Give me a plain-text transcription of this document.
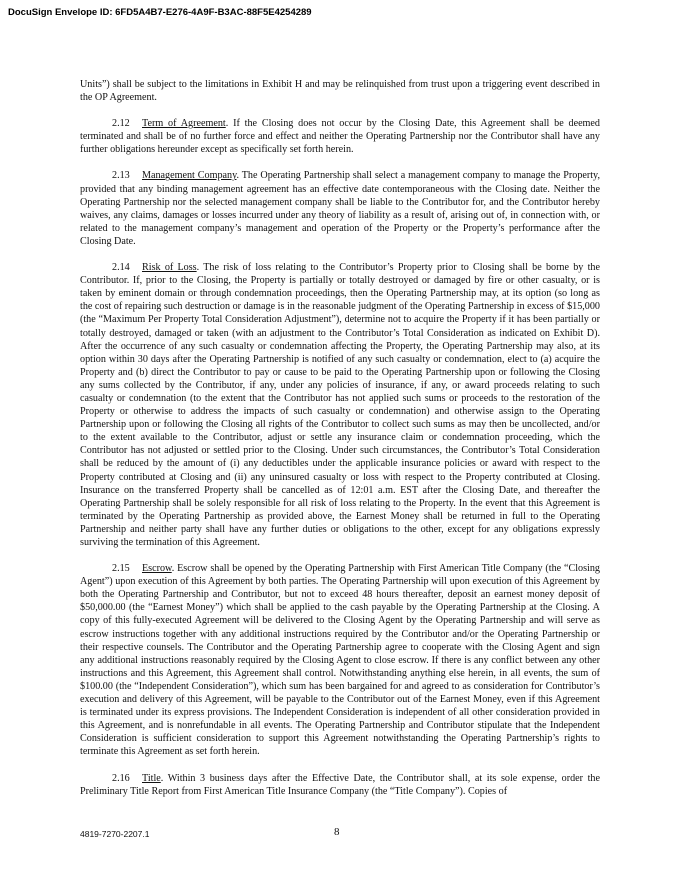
DocuSign Envelope ID: 6FD5A4B7-E276-4A9F-B3AC-88F5E4254289

Units”) shall be subject to the limitations in Exhibit H and may be relinquished from trust upon a triggering event described in the OP Agreement.

2.12 Term of Agreement. If the Closing does not occur by the Closing Date, this Agreement shall be deemed terminated and shall be of no further force and effect and neither the Operating Partnership nor the Contributor shall have any further obligations hereunder except as specifically set forth herein.

2.13 Management Company. The Operating Partnership shall select a management company to manage the Property, provided that any binding management agreement has an effective date contemporaneous with the Closing date. Neither the Operating Partnership nor the selected management company shall be liable to the Contributor for, and the Contributor hereby waives, any claims, damages or losses incurred under any theory of liability as a result of, arising out of, in connection with, or related to the management company’s management and operation of the Property or the Property’s performance after the Closing Date.

2.14 Risk of Loss. The risk of loss relating to the Contributor’s Property prior to Closing shall be borne by the Contributor. If, prior to the Closing, the Property is partially or totally destroyed or damaged by fire or other casualty, or is taken by eminent domain or through condemnation proceedings, then the Operating Partnership may, at its option (so long as the cost of repairing such destruction or damage is in the reasonable judgment of the Operating Partnership in excess of $15,000 (the “Maximum Per Property Total Consideration Adjustment”), determine not to acquire the Property if it has been partially or totally destroyed, damaged or taken (with an adjustment to the Contributor’s Total Consideration as indicated on Exhibit D). After the occurrence of any such casualty or condemnation affecting the Property, the Operating Partnership may also, at its option within 30 days after the Operating Partnership is notified of any such casualty or condemnation, elect to (a) acquire the Property and (b) direct the Contributor to pay or cause to be paid to the Operating Partnership upon or following the Closing any sums collected by the Contributor, if any, under any policies of insurance, if any, or award proceeds relating to such casualty or condemnation (to the extent that the Contributor has not applied such sums or proceeds to the restoration of the Property or otherwise to address the impacts of such casualty or condemnation) and otherwise assign to the Operating Partnership upon or following the Closing all rights of the Contributor to collect such sums as may then be uncollected, and/or to the extent available to the Contributor, adjust or settle any insurance claim or condemnation proceeding, which the Contributor has not adjusted or settled prior to the Closing. Under such circumstances, the Contributor’s Total Consideration shall be reduced by the amount of (i) any deductibles under the applicable insurance policies or award with respect to the Property contributed at Closing and (ii) any uninsured casualty or loss with respect to the Property contributed at Closing. Insurance on the transferred Property shall be cancelled as of 12:01 a.m. EST after the Closing Date, and thereafter the Operating Partnership shall be solely responsible for all risk of loss relating to the Property. In the event that this Agreement is terminated by the Operating Partnership as provided above, the Earnest Money shall be returned in full to the Operating Partnership and neither party shall have any further duties or obligations to the other, except for any obligations expressly surviving the termination of this Agreement.

2.15 Escrow. Escrow shall be opened by the Operating Partnership with First American Title Company (the “Closing Agent”) upon execution of this Agreement by both parties. The Operating Partnership will upon execution of this Agreement by both the Operating Partnership and Contributor, but not to exceed 48 hours thereafter, deposit an earnest money deposit of $50,000.00 (the “Earnest Money”) which shall be applied to the cash payable by the Operating Partnership at the Closing. A copy of this fully-executed Agreement will be delivered to the Closing Agent by the Operating Partnership and will serve as escrow instructions together with any additional instructions required by the Contributor and/or the Operating Partnership or their respective counsels. The Contributor and the Operating Partnership agree to cooperate with the Closing Agent and sign any additional instructions reasonably required by the Closing Agent to close escrow. If there is any conflict between any other instructions and this Agreement, this Agreement shall control. Notwithstanding anything else herein, in all events, the sum of $100.00 (the “Independent Consideration”), which sum has been bargained for and agreed to as consideration for Contributor’s execution and delivery of this Agreement, will be payable to the Contributor out of the Earnest Money, even if this Agreement is terminated under its express provisions. The Independent Consideration is independent of all other consideration provided in this Agreement, and is nonrefundable in all events. The Operating Partnership and Contributor stipulate that the Independent Consideration is sufficient consideration to support this Agreement notwithstanding the Operating Partnership’s rights to terminate this Agreement as set forth herein.

2.16 Title. Within 3 business days after the Effective Date, the Contributor shall, at its sole expense, order the Preliminary Title Report from First American Title Insurance Company (the “Title Company”). Copies of

4819-7270-2207.1	8
